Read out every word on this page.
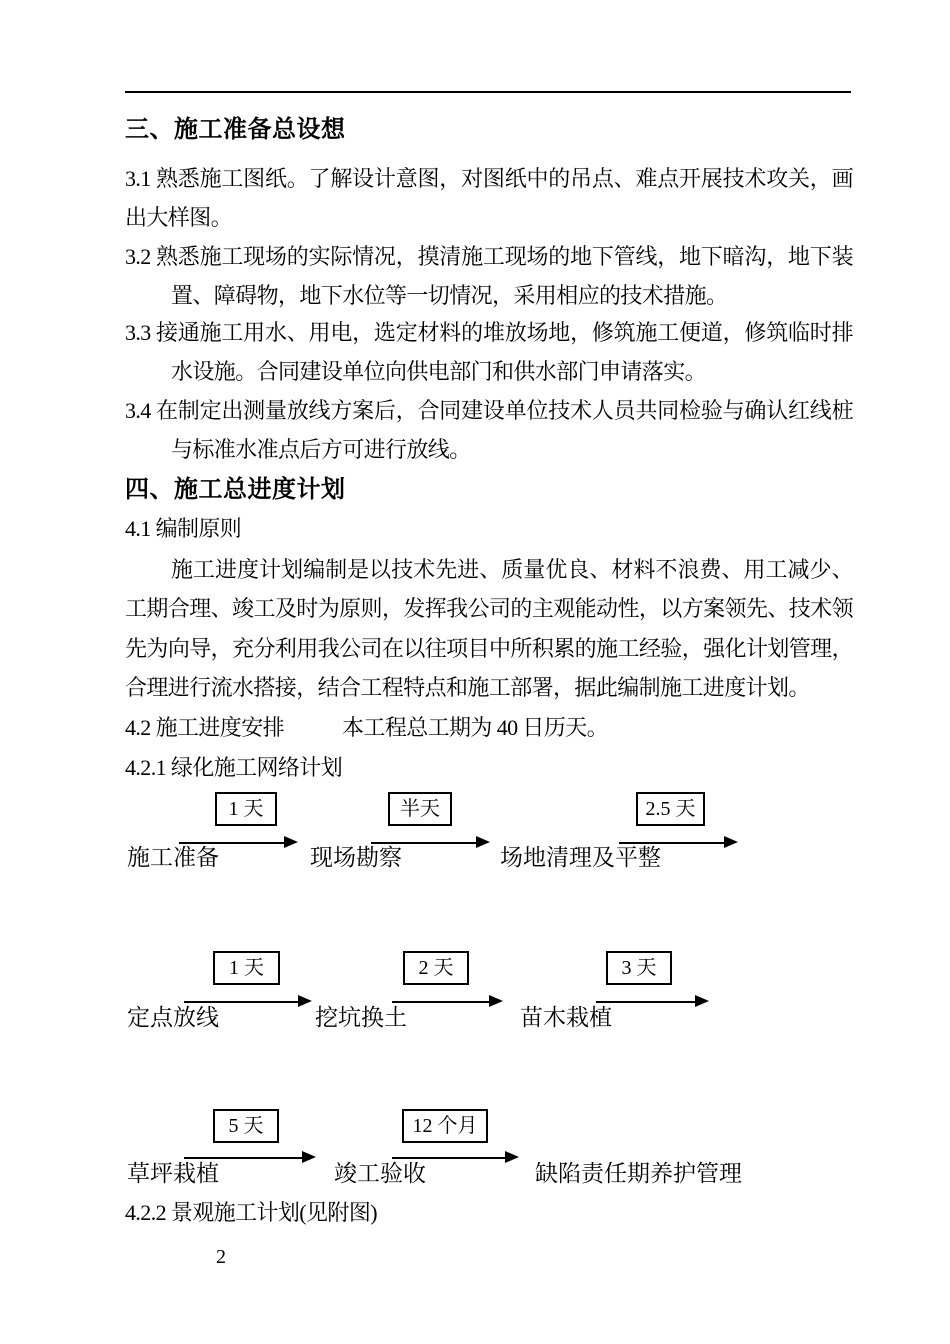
三、施工准备总设想

3.1 熟悉施工图纸。了解设计意图，对图纸中的吊点、难点开展技术攻关，画出大样图。

3.2 熟悉施工现场的实际情况，摸清施工现场的地下管线，地下暗沟，地下装置、障碍物，地下水位等一切情况，采用相应的技术措施。

3.3 接通施工用水、用电，选定材料的堆放场地，修筑施工便道，修筑临时排水设施。合同建设单位向供电部门和供水部门申请落实。

3.4 在制定出测量放线方案后，合同建设单位技术人员共同检验与确认红线桩与标准水准点后方可进行放线。

四、施工总进度计划

4.1 编制原则

施工进度计划编制是以技术先进、质量优良、材料不浪费、用工减少、工期合理、竣工及时为原则，发挥我公司的主观能动性，以方案领先、技术领先为向导，充分利用我公司在以往项目中所积累的施工经验，强化计划管理，合理进行流水搭接，结合工程特点和施工部署，据此编制施工进度计划。

4.2 施工进度安排	本工程总工期为 40 日历天。

4.2.1 绿化施工网络计划

1 天	半天	2.5 天
施工准备	现场勘察	场地清理及平整
1 天	2 天	3 天
定点放线	挖坑换土	苗木栽植
5 天	12 个月
草坪栽植	竣工验收	缺陷责任期养护管理

4.2.2 景观施工计划(见附图)

2
